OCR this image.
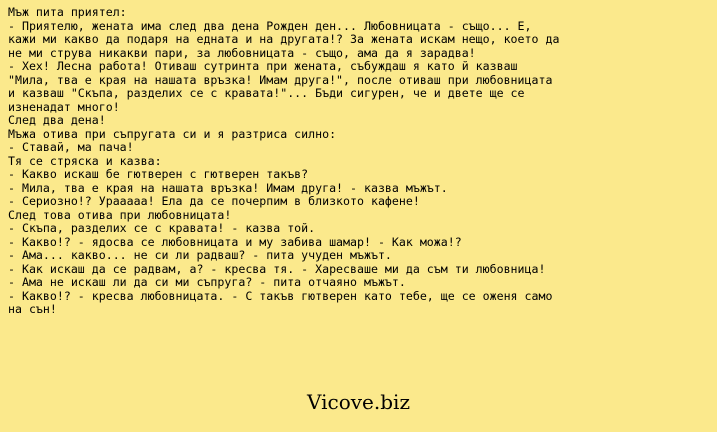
Мъж пита приятел:
- Приятелю, жената има след два дена Рожден ден... Любовницата - също... Е, кажи ми какво да подаря на едната и на другата!? За жената искам нещо, което да не ми струва никакви пари, за любовницата - също, ама да я зарадва!
- Хех! Лесна работа! Отиваш сутринта при жената, събуждаш я като й казваш "Мила, тва е края на нашата връзка! Имам друга!", после отиваш при любовницата и казваш "Скъпа, разделих се с кравата!"... Бъди сигурен, че и двете ще се изненадат много!
След два дена!
Мъжа отива при съпругата си и я разтриса силно:
- Ставай, ма пача!
Тя се стряска и казва:
- Какво искаш бе гютверен с гютверен такъв?
- Мила, тва е края на нашата връзка! Имам друга! - казва мъжът.
- Сериозно!? Урааааа! Ела да се почерпим в близкото кафене!
След това отива при любовницата!
- Скъпа, разделих се с кравата! - казва той.
- Какво!? - ядосва се любовницата и му забива шамар! - Как можа!?
- Ама... какво... не си ли радваш? - пита учуден мъжът.
- Как искаш да се радвам, а? - кресва тя. - Харесваше ми да съм ти любовница!
- Ама не искаш ли да си ми съпруга? - пита отчаяно мъжът.
- Какво!? - кресва любовницата. - С такъв гютверен като тебе, ще се оженя само на сън!
Vicove.biz
